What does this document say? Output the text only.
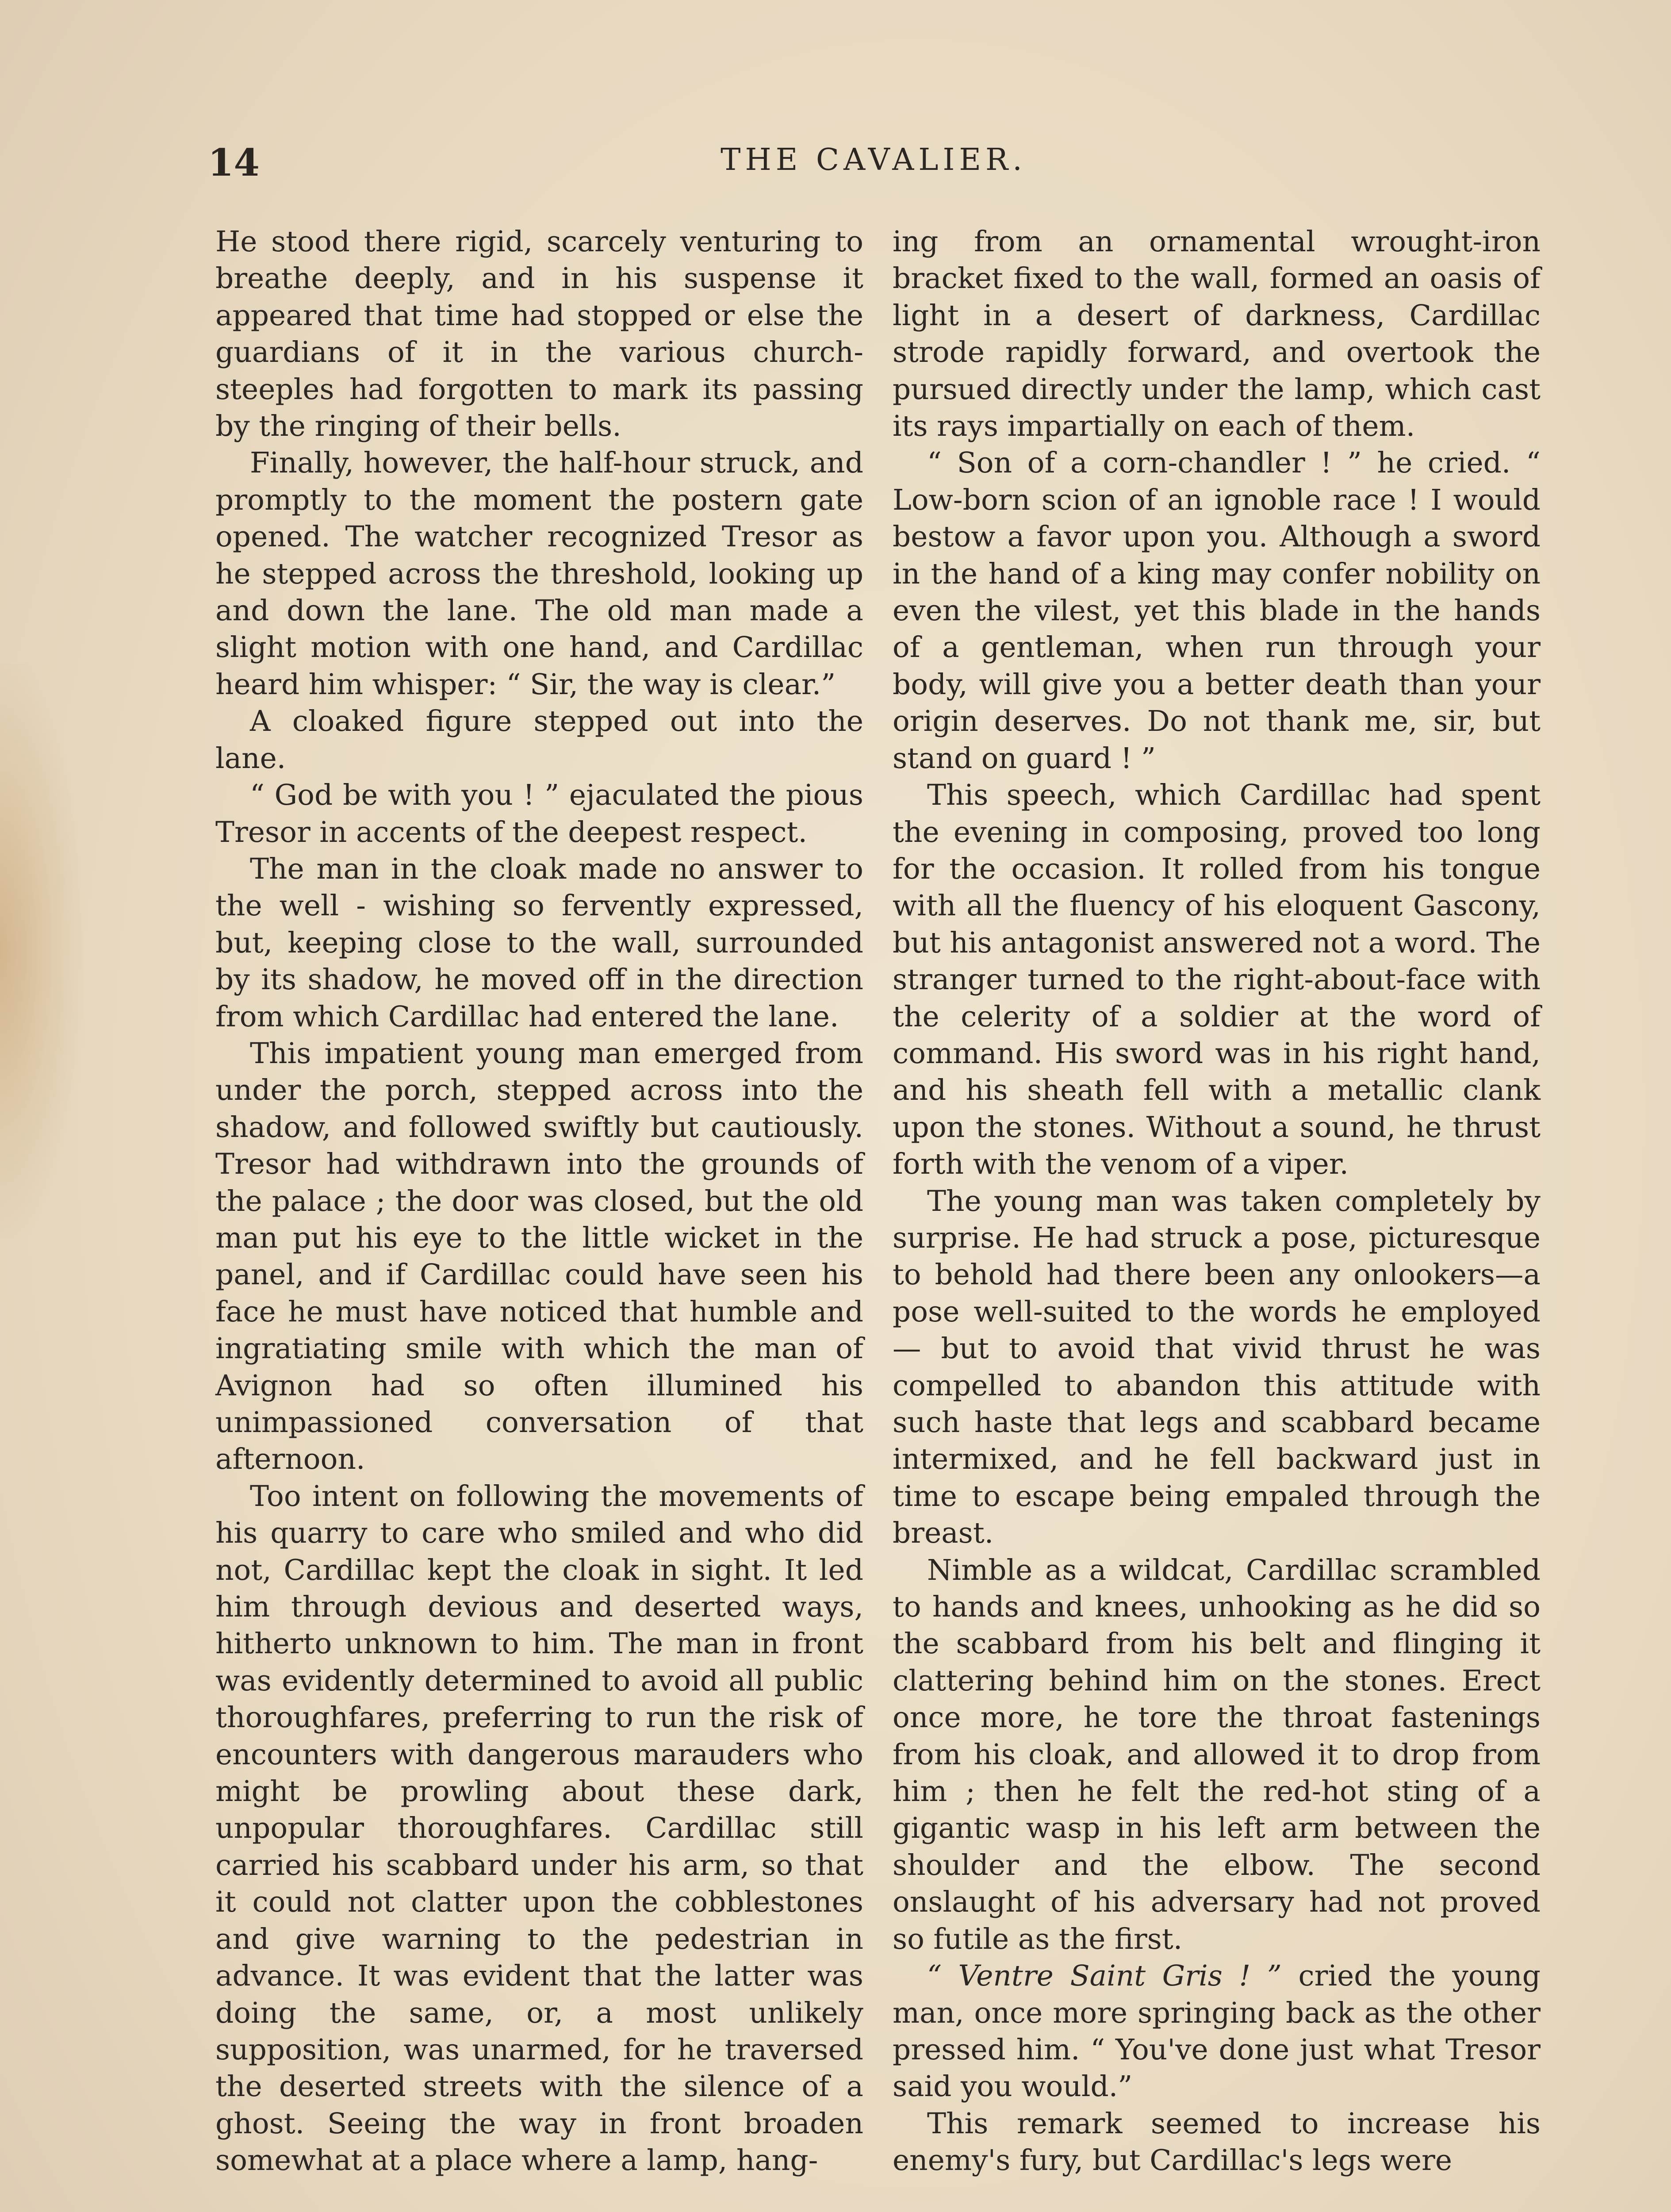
14	THE CAVALIER.

He stood there rigid, scarcely venturing to breathe deeply, and in his suspense it appeared that time had stopped or else the guardians of it in the various church-steeples had forgotten to mark its passing by the ringing of their bells.

Finally, however, the half-hour struck, and promptly to the moment the postern gate opened. The watcher recognized Tresor as he stepped across the threshold, looking up and down the lane. The old man made a slight motion with one hand, and Cardillac heard him whisper: “ Sir, the way is clear.”

A cloaked figure stepped out into the lane.

“ God be with you ! ” ejaculated the pious Tresor in accents of the deepest respect.

The man in the cloak made no answer to the well - wishing so fervently expressed, but, keeping close to the wall, surrounded by its shadow, he moved off in the direction from which Cardillac had entered the lane.

This impatient young man emerged from under the porch, stepped across into the shadow, and followed swiftly but cautiously. Tresor had withdrawn into the grounds of the palace ; the door was closed, but the old man put his eye to the little wicket in the panel, and if Cardillac could have seen his face he must have noticed that humble and ingratiating smile with which the man of Avignon had so often illumined his unimpassioned conversation of that afternoon.

Too intent on following the movements of his quarry to care who smiled and who did not, Cardillac kept the cloak in sight. It led him through devious and deserted ways, hitherto unknown to him. The man in front was evidently determined to avoid all public thoroughfares, preferring to run the risk of encounters with dangerous marauders who might be prowling about these dark, unpopular thoroughfares. Cardillac still carried his scabbard under his arm, so that it could not clatter upon the cobblestones and give warning to the pedestrian in advance. It was evident that the latter was doing the same, or, a most unlikely supposition, was unarmed, for he traversed the deserted streets with the silence of a ghost. Seeing the way in front broaden somewhat at a place where a lamp, hang-

ing from an ornamental wrought-iron bracket fixed to the wall, formed an oasis of light in a desert of darkness, Cardillac strode rapidly forward, and overtook the pursued directly under the lamp, which cast its rays impartially on each of them.

“ Son of a corn-chandler ! ” he cried. “ Low-born scion of an ignoble race ! I would bestow a favor upon you. Although a sword in the hand of a king may confer nobility on even the vilest, yet this blade in the hands of a gentleman, when run through your body, will give you a better death than your origin deserves. Do not thank me, sir, but stand on guard ! ”

This speech, which Cardillac had spent the evening in composing, proved too long for the occasion. It rolled from his tongue with all the fluency of his eloquent Gascony, but his antagonist answered not a word. The stranger turned to the right-about-face with the celerity of a soldier at the word of command. His sword was in his right hand, and his sheath fell with a metallic clank upon the stones. Without a sound, he thrust forth with the venom of a viper.

The young man was taken completely by surprise. He had struck a pose, picturesque to behold had there been any onlookers—a pose well-suited to the words he employed — but to avoid that vivid thrust he was compelled to abandon this attitude with such haste that legs and scabbard became intermixed, and he fell backward just in time to escape being empaled through the breast.

Nimble as a wildcat, Cardillac scrambled to hands and knees, unhooking as he did so the scabbard from his belt and flinging it clattering behind him on the stones. Erect once more, he tore the throat fastenings from his cloak, and allowed it to drop from him ; then he felt the red-hot sting of a gigantic wasp in his left arm between the shoulder and the elbow. The second onslaught of his adversary had not proved so futile as the first.

“ Ventre Saint Gris ! ” cried the young man, once more springing back as the other pressed him. “ You've done just what Tresor said you would.”

This remark seemed to increase his enemy's fury, but Cardillac's legs were
